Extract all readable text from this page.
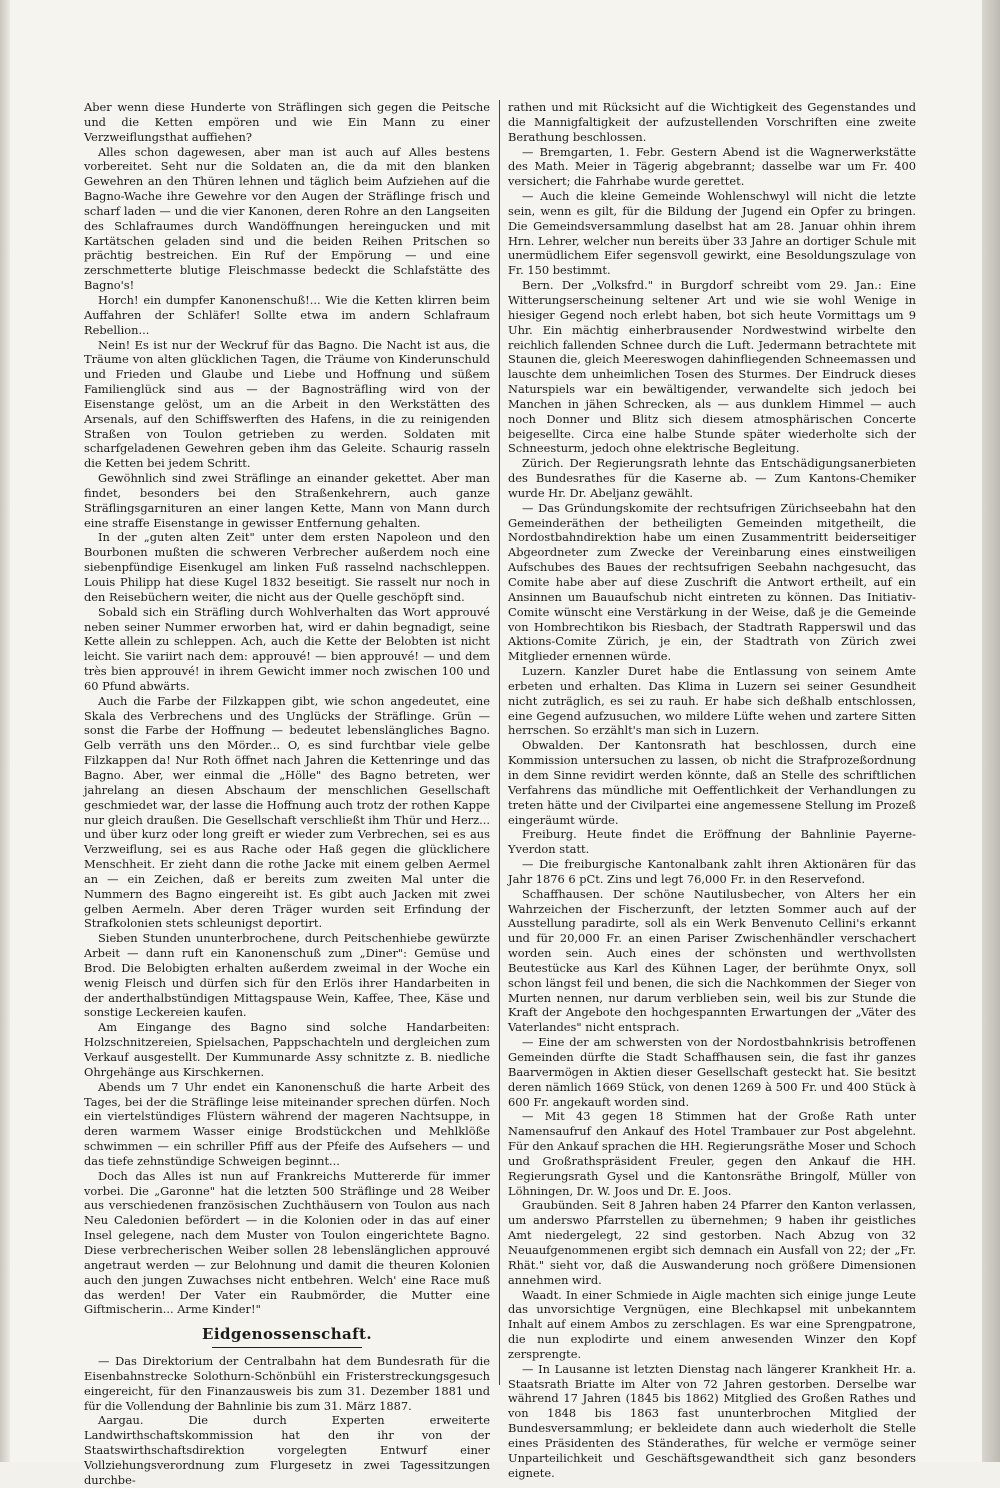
Aber wenn diese Hunderte von Sträflingen sich gegen die Peitsche und die Ketten empören und wie Ein Mann zu einer Verzweiflungsthat auffiehen?

Alles schon dagewesen, aber man ist auch auf Alles bestens vorbereitet. Seht nur die Soldaten an, die da mit den blanken Gewehren an den Thüren lehnen und täglich beim Aufziehen auf die Bagno-Wache ihre Gewehre vor den Augen der Sträflinge frisch und scharf laden — und die vier Kanonen, deren Rohre an den Langseiten des Schlafraumes durch Wandöffnungen hereingucken und mit Kartätschen geladen sind und die beiden Reihen Pritschen so prächtig bestreichen. Ein Ruf der Empörung — und eine zerschmetterte blutige Fleischmasse bedeckt die Schlafstätte des Bagno's!

Horch! ein dumpfer Kanonenschuß!... Wie die Ketten klirren beim Auffahren der Schläfer! Sollte etwa im andern Schlafraum Rebellion...

Nein! Es ist nur der Weckruf für das Bagno. Die Nacht ist aus, die Träume von alten glücklichen Tagen, die Träume von Kinderunschuld und Frieden und Glaube und Liebe und Hoffnung und süßem Familienglück sind aus — der Bagnosträfling wird von der Eisenstange gelöst, um an die Arbeit in den Werkstätten des Arsenals, auf den Schiffswerften des Hafens, in die zu reinigenden Straßen von Toulon getrieben zu werden. Soldaten mit scharfgeladenen Gewehren geben ihm das Geleite. Schaurig rasseln die Ketten bei jedem Schritt.

Gewöhnlich sind zwei Sträflinge an einander gekettet. Aber man findet, besonders bei den Straßenkehrern, auch ganze Sträflingsgarnituren an einer langen Kette, Mann von Mann durch eine straffe Eisenstange in gewisser Entfernung gehalten.

In der „guten alten Zeit" unter dem ersten Napoleon und den Bourbonen mußten die schweren Verbrecher außerdem noch eine siebenpfündige Eisenkugel am linken Fuß rasselnd nachschleppen. Louis Philipp hat diese Kugel 1832 beseitigt. Sie rasselt nur noch in den Reisebüchern weiter, die nicht aus der Quelle geschöpft sind.

Sobald sich ein Sträfling durch Wohlverhalten das Wort approuvé neben seiner Nummer erworben hat, wird er dahin begnadigt, seine Kette allein zu schleppen. Ach, auch die Kette der Belobten ist nicht leicht. Sie variirt nach dem: approuvé! — bien approuvé! — und dem très bien approuvé! in ihrem Gewicht immer noch zwischen 100 und 60 Pfund abwärts.

Auch die Farbe der Filzkappen gibt, wie schon angedeutet, eine Skala des Verbrechens und des Unglücks der Sträflinge. Grün — sonst die Farbe der Hoffnung — bedeutet lebenslängliches Bagno. Gelb verräth uns den Mörder... O, es sind furchtbar viele gelbe Filzkappen da! Nur Roth öffnet nach Jahren die Kettenringe und das Bagno. Aber, wer einmal die „Hölle" des Bagno betreten, wer jahrelang an diesen Abschaum der menschlichen Gesellschaft geschmiedet war, der lasse die Hoffnung auch trotz der rothen Kappe nur gleich draußen. Die Gesellschaft verschließt ihm Thür und Herz... und über kurz oder long greift er wieder zum Verbrechen, sei es aus Verzweiflung, sei es aus Rache oder Haß gegen die glücklichere Menschheit. Er zieht dann die rothe Jacke mit einem gelben Aermel an — ein Zeichen, daß er bereits zum zweiten Mal unter die Nummern des Bagno eingereiht ist. Es gibt auch Jacken mit zwei gelben Aermeln. Aber deren Träger wurden seit Erfindung der Strafkolonien stets schleunigst deportirt.

Sieben Stunden ununterbrochene, durch Peitschenhiebe gewürzte Arbeit — dann ruft ein Kanonenschuß zum „Diner": Gemüse und Brod. Die Belobigten erhalten außerdem zweimal in der Woche ein wenig Fleisch und dürfen sich für den Erlös ihrer Handarbeiten in der anderthalbstündigen Mittagspause Wein, Kaffee, Thee, Käse und sonstige Leckereien kaufen.

Am Eingange des Bagno sind solche Handarbeiten: Holzschnitzereien, Spielsachen, Pappschachteln und dergleichen zum Verkauf ausgestellt. Der Kummunarde Assy schnitzte z. B. niedliche Ohrgehänge aus Kirschkernen.

Abends um 7 Uhr endet ein Kanonenschuß die harte Arbeit des Tages, bei der die Sträflinge leise miteinander sprechen dürfen. Noch ein viertelstündiges Flüstern während der mageren Nachtsuppe, in deren warmem Wasser einige Brodstückchen und Mehlklöße schwimmen — ein schriller Pfiff aus der Pfeife des Aufsehers — und das tiefe zehnstündige Schweigen beginnt...

Doch das Alles ist nun auf Frankreichs Muttererde für immer vorbei. Die „Garonne" hat die letzten 500 Sträflinge und 28 Weiber aus verschiedenen französischen Zuchthäusern von Toulon aus nach Neu Caledonien befördert — in die Kolonien oder in das auf einer Insel gelegene, nach dem Muster von Toulon eingerichtete Bagno. Diese verbrecherischen Weiber sollen 28 lebenslänglichen approuvé angetraut werden — zur Belohnung und damit die theuren Kolonien auch den jungen Zuwachses nicht entbehren. Welch' eine Race muß das werden! Der Vater ein Raubmörder, die Mutter eine Giftmischerin... Arme Kinder!"

Eidgenossenschaft.

— Das Direktorium der Centralbahn hat dem Bundesrath für die Eisenbahnstrecke Solothurn-Schönbühl ein Fristerstreckungsgesuch eingereicht, für den Finanzausweis bis zum 31. Dezember 1881 und für die Vollendung der Bahnlinie bis zum 31. März 1887.

Aargau. Die durch Experten erweiterte Landwirthschaftskommission hat den ihr von der Staatswirthschaftsdirektion vorgelegten Entwurf einer Vollziehungsverordnung zum Flurgesetz in zwei Tagessitzungen durchbe-

rathen und mit Rücksicht auf die Wichtigkeit des Gegenstandes und die Mannigfaltigkeit der aufzustellenden Vorschriften eine zweite Berathung beschlossen.

— Bremgarten, 1. Febr. Gestern Abend ist die Wagnerwerkstätte des Math. Meier in Tägerig abgebrannt; dasselbe war um Fr. 400 versichert; die Fahrhabe wurde gerettet.

— Auch die kleine Gemeinde Wohlenschwyl will nicht die letzte sein, wenn es gilt, für die Bildung der Jugend ein Opfer zu bringen. Die Gemeindsversammlung daselbst hat am 28. Januar ohhin ihrem Hrn. Lehrer, welcher nun bereits über 33 Jahre an dortiger Schule mit unermüdlichem Eifer segensvoll gewirkt, eine Besoldungszulage von Fr. 150 bestimmt.

Bern. Der „Volksfrd." in Burgdorf schreibt vom 29. Jan.: Eine Witterungserscheinung seltener Art und wie sie wohl Wenige in hiesiger Gegend noch erlebt haben, bot sich heute Vormittags um 9 Uhr. Ein mächtig einherbrausender Nordwestwind wirbelte den reichlich fallenden Schnee durch die Luft. Jedermann betrachtete mit Staunen die, gleich Meereswogen dahinfliegenden Schneemassen und lauschte dem unheimlichen Tosen des Sturmes. Der Eindruck dieses Naturspiels war ein bewältigender, verwandelte sich jedoch bei Manchen in jähen Schrecken, als — aus dunklem Himmel — auch noch Donner und Blitz sich diesem atmosphärischen Concerte beigesellte. Circa eine halbe Stunde später wiederholte sich der Schneesturm, jedoch ohne elektrische Begleitung.

Zürich. Der Regierungsrath lehnte das Entschädigungsanerbieten des Bundesrathes für die Kaserne ab. — Zum Kantons-Chemiker wurde Hr. Dr. Abeljanz gewählt.

— Das Gründungskomite der rechtsufrigen Zürichseebahn hat den Gemeinderäthen der betheiligten Gemeinden mitgetheilt, die Nordostbahndirektion habe um einen Zusammentritt beiderseitiger Abgeordneter zum Zwecke der Vereinbarung eines einstweiligen Aufschubes des Baues der rechtsufrigen Seebahn nachgesucht, das Comite habe aber auf diese Zuschrift die Antwort ertheilt, auf ein Ansinnen um Bauaufschub nicht eintreten zu können. Das Initiativ-Comite wünscht eine Verstärkung in der Weise, daß je die Gemeinde von Hombrechtikon bis Riesbach, der Stadtrath Rapperswil und das Aktions-Comite Zürich, je ein, der Stadtrath von Zürich zwei Mitglieder ernennen würde.

Luzern. Kanzler Duret habe die Entlassung von seinem Amte erbeten und erhalten. Das Klima in Luzern sei seiner Gesundheit nicht zuträglich, es sei zu rauh. Er habe sich deßhalb entschlossen, eine Gegend aufzusuchen, wo mildere Lüfte wehen und zartere Sitten herrschen. So erzählt's man sich in Luzern.

Obwalden. Der Kantonsrath hat beschlossen, durch eine Kommission untersuchen zu lassen, ob nicht die Strafprozeßordnung in dem Sinne revidirt werden könnte, daß an Stelle des schriftlichen Verfahrens das mündliche mit Oeffentlichkeit der Verhandlungen zu treten hätte und der Civilpartei eine angemessene Stellung im Prozeß eingeräumt würde.

Freiburg. Heute findet die Eröffnung der Bahnlinie Payerne-Yverdon statt.

— Die freiburgische Kantonalbank zahlt ihren Aktionären für das Jahr 1876 6 pCt. Zins und legt 76,000 Fr. in den Reservefond.

Schaffhausen. Der schöne Nautilusbecher, von Alters her ein Wahrzeichen der Fischerzunft, der letzten Sommer auch auf der Ausstellung paradirte, soll als ein Werk Benvenuto Cellini's erkannt und für 20,000 Fr. an einen Pariser Zwischenhändler verschachert worden sein. Auch eines der schönsten und werthvollsten Beutestücke aus Karl des Kühnen Lager, der berühmte Onyx, soll schon längst feil und benen, die sich die Nachkommen der Sieger von Murten nennen, nur darum verblieben sein, weil bis zur Stunde die Kraft der Angebote den hochgespannten Erwartungen der „Väter des Vaterlandes" nicht entsprach.

— Eine der am schwersten von der Nordostbahnkrisis betroffenen Gemeinden dürfte die Stadt Schaffhausen sein, die fast ihr ganzes Baarvermögen in Aktien dieser Gesellschaft gesteckt hat. Sie besitzt deren nämlich 1669 Stück, von denen 1269 à 500 Fr. und 400 Stück à 600 Fr. angekauft worden sind.

— Mit 43 gegen 18 Stimmen hat der Große Rath unter Namensaufruf den Ankauf des Hotel Trambauer zur Post abgelehnt. Für den Ankauf sprachen die HH. Regierungsräthe Moser und Schoch und Großrathspräsident Freuler, gegen den Ankauf die HH. Regierungsrath Gysel und die Kantonsräthe Bringolf, Müller von Löhningen, Dr. W. Joos und Dr. E. Joos.

Graubünden. Seit 8 Jahren haben 24 Pfarrer den Kanton verlassen, um anderswo Pfarrstellen zu übernehmen; 9 haben ihr geistliches Amt niedergelegt, 22 sind gestorben. Nach Abzug von 32 Neuaufgenommenen ergibt sich demnach ein Ausfall von 22; der „Fr. Rhät." sieht vor, daß die Auswanderung noch größere Dimensionen annehmen wird.

Waadt. In einer Schmiede in Aigle machten sich einige junge Leute das unvorsichtige Vergnügen, eine Blechkapsel mit unbekanntem Inhalt auf einem Ambos zu zerschlagen. Es war eine Sprengpatrone, die nun explodirte und einem anwesenden Winzer den Kopf zersprengte.

— In Lausanne ist letzten Dienstag nach längerer Krankheit Hr. a. Staatsrath Briatte im Alter von 72 Jahren gestorben. Derselbe war während 17 Jahren (1845 bis 1862) Mitglied des Großen Rathes und von 1848 bis 1863 fast ununterbrochen Mitglied der Bundesversammlung; er bekleidete dann auch wiederholt die Stelle eines Präsidenten des Ständerathes, für welche er vermöge seiner Unparteilichkeit und Geschäftsgewandtheit sich ganz besonders eignete.
